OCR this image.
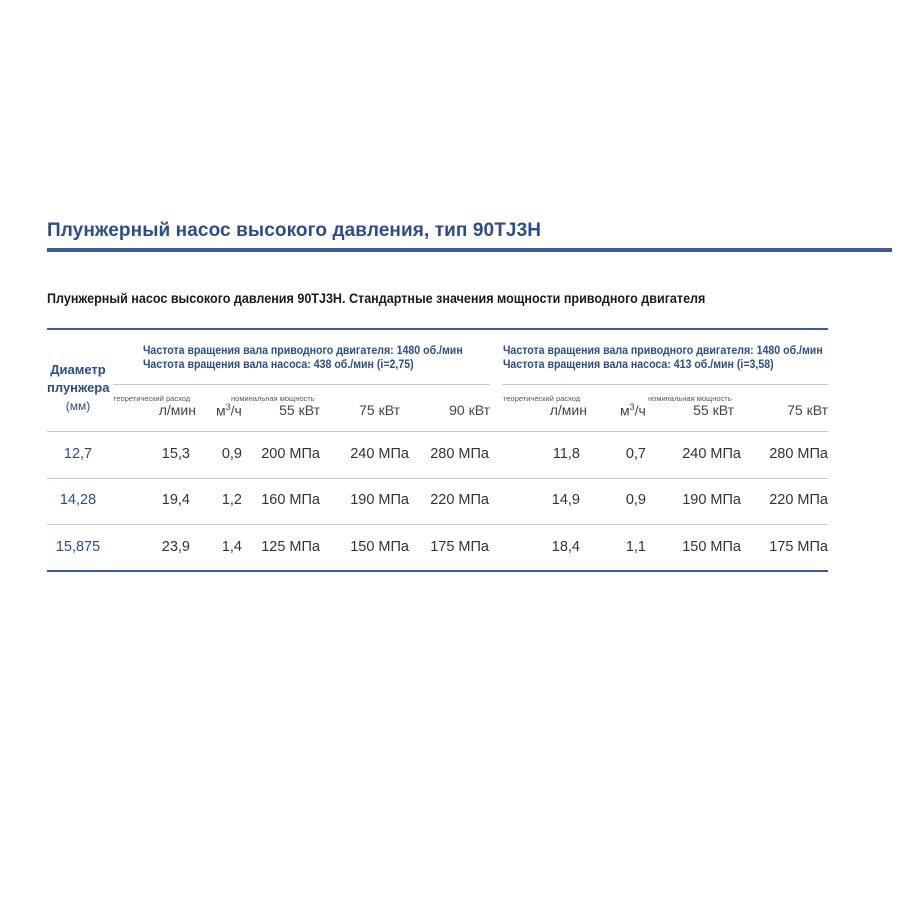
Плунжерный насос высокого давления, тип 90TJ3H
Плунжерный насос высокого давления 90TJ3H. Стандартные значения мощности приводного двигателя
Диаметр
плунжера
(мм)
Частота вращения вала приводного двигателя: 1480 об./мин
Частота вращения вала насоса: 438 об./мин (i=2,75)
теоретический расход	номинальная мощность
л/мин $м^3/ч$	55 кВт	75 кВт	90 кВт
Частота вращения вала приводного двигателя: 1480 об./мин
Частота вращения вала насоса: 413 об./мин (i=3,58)
теоретический расход	номинальная мощность
л/мин $м^3/ч$	55 кВт	75 кВт
12,7	15,3	0,9	200 МПа	240 МПа	280 МПа	11,8	0,7	240 МПа	280 МПа
14,28	19,4	1,2	160 МПа	190 МПа	220 МПа	14,9	0,9	190 МПа	220 МПа
15,875	23,9	1,4	125 МПа	150 МПа	175 МПа	18,4	1,1	150 МПа	175 МПа
